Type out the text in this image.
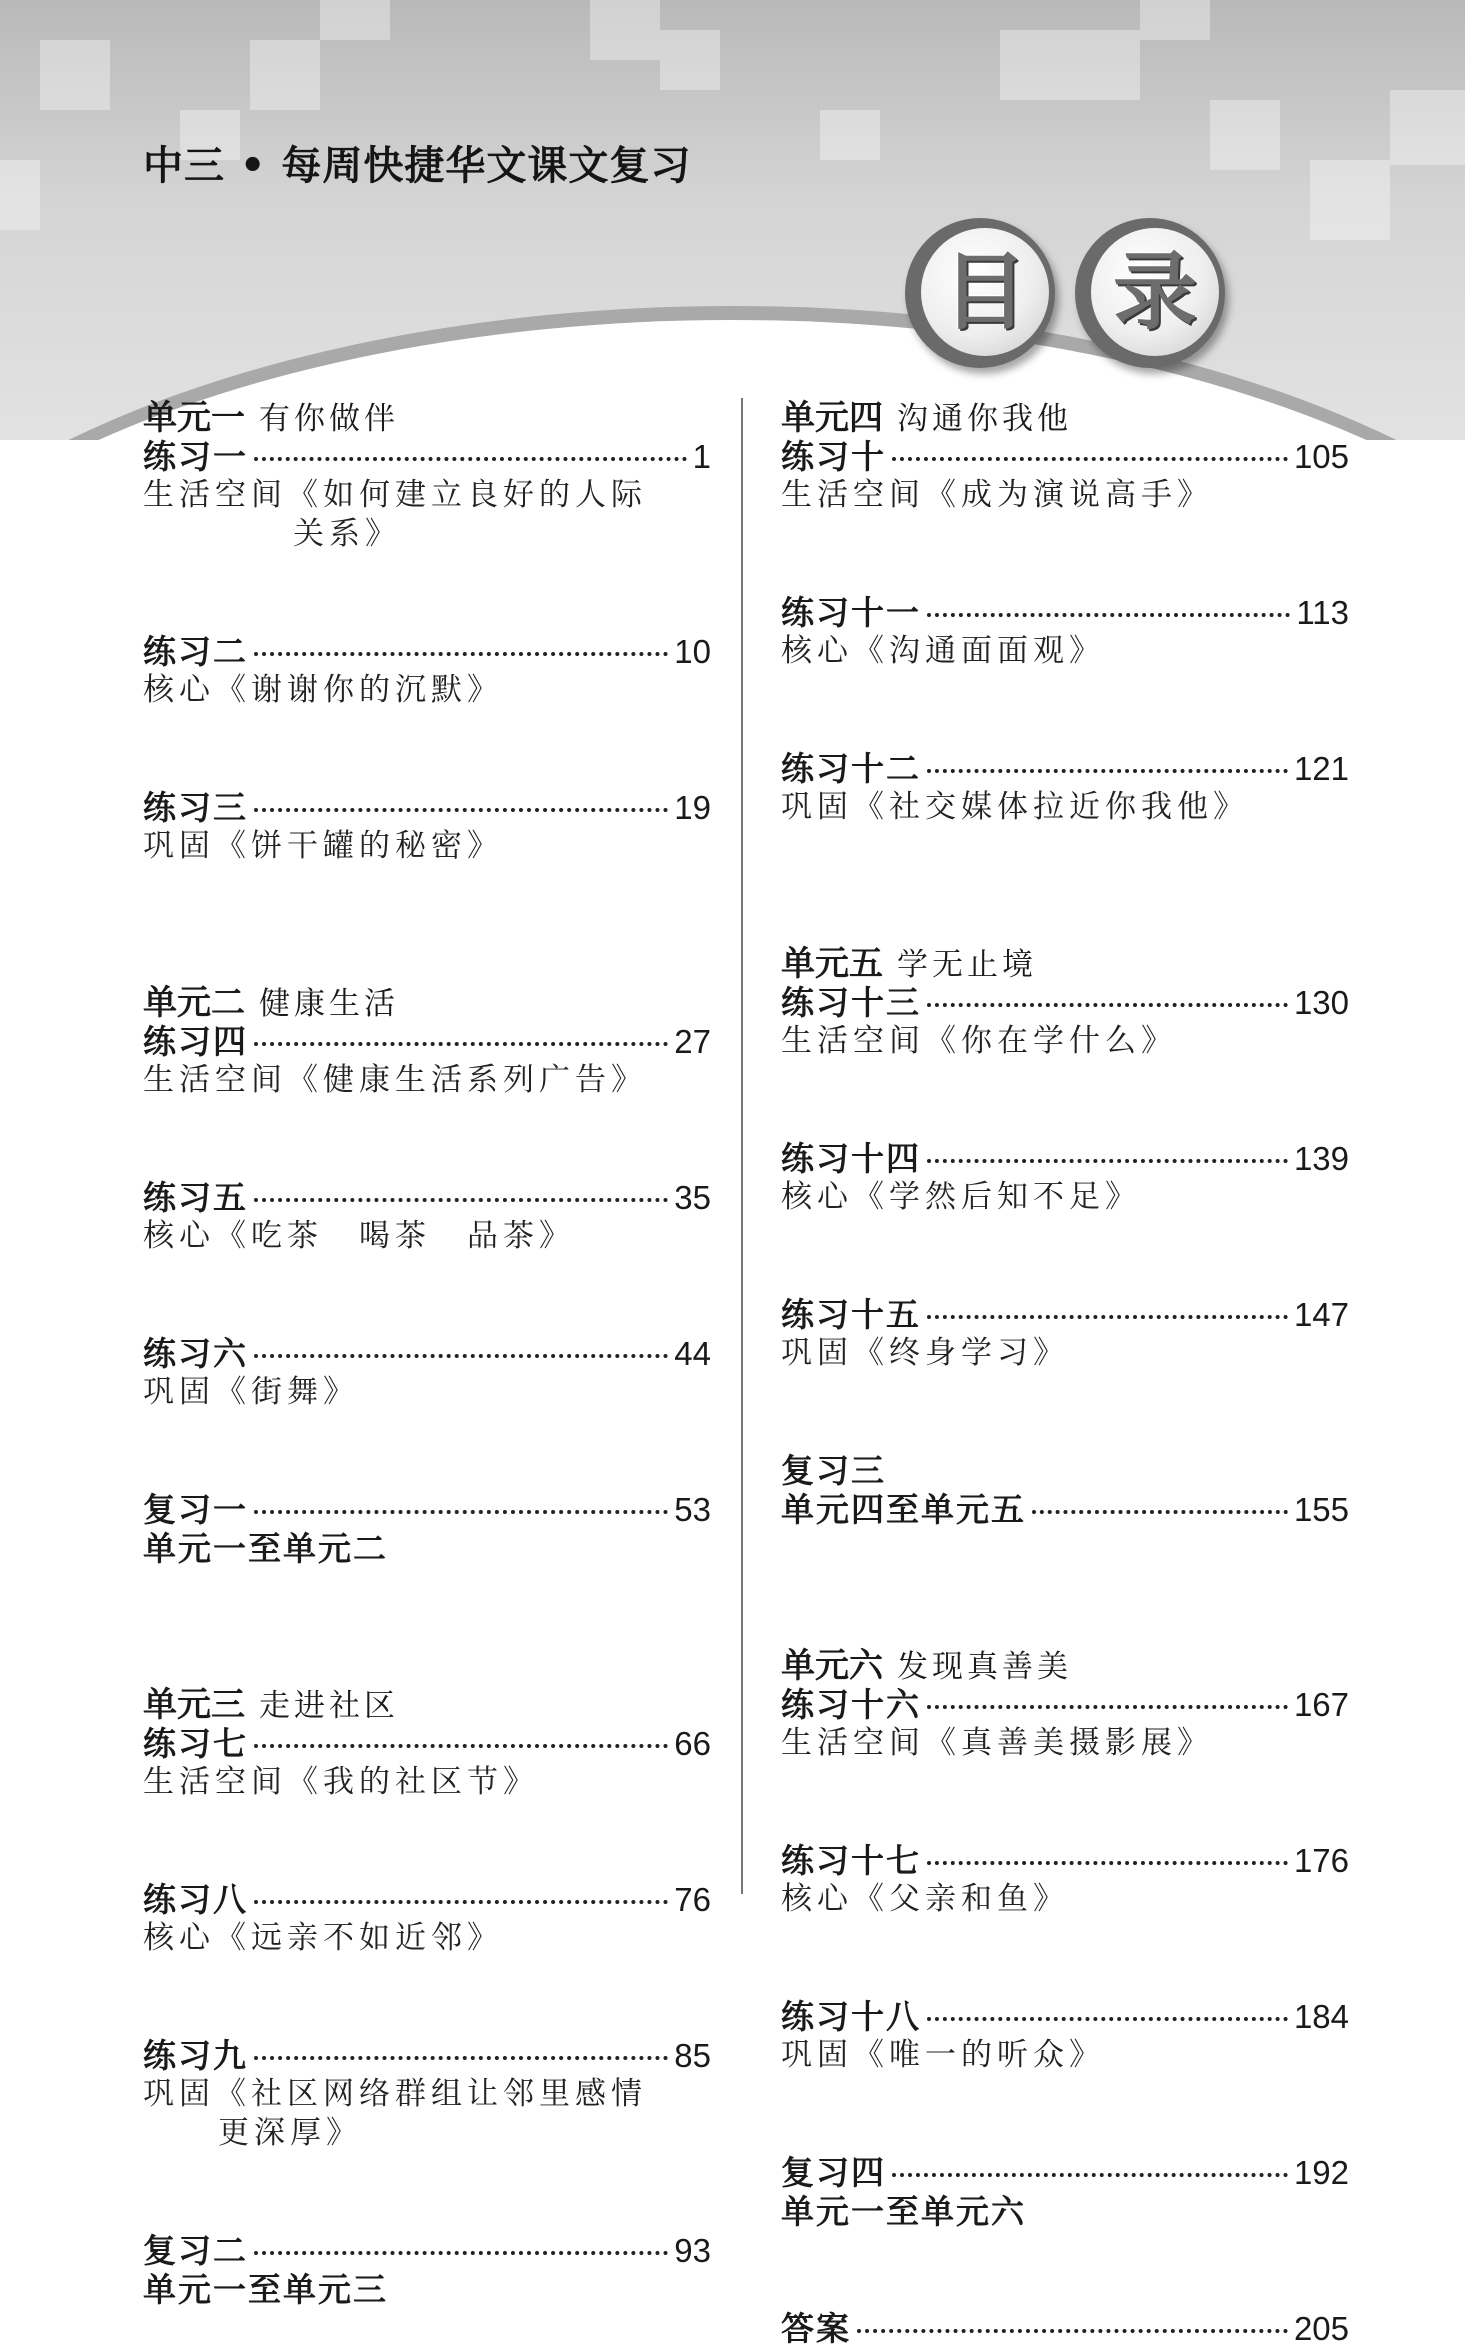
中三 • 每周快捷华文课文复习
目 录
单元一 有你做伴
练习一	1
生活空间《如何建立良好的人际
关系》
练习二	10
核心《谢谢你的沉默》
练习三	19
巩固《饼干罐的秘密》
单元二 健康生活
练习四	27
生活空间《健康生活系列广告》
练习五	35
核心《吃茶　喝茶　品茶》
练习六	44
巩固《街舞》
复习一	53
单元一至单元二
单元三 走进社区
练习七	66
生活空间《我的社区节》
练习八	76
核心《远亲不如近邻》
练习九	85
巩固《社区网络群组让邻里感情
更深厚》
复习二	93
单元一至单元三
单元四 沟通你我他
练习十	105
生活空间《成为演说高手》
练习十一	113
核心《沟通面面观》
练习十二	121
巩固《社交媒体拉近你我他》
单元五 学无止境
练习十三	130
生活空间《你在学什么》
练习十四	139
核心《学然后知不足》
练习十五	147
巩固《终身学习》
复习三
单元四至单元五	155
单元六 发现真善美
练习十六	167
生活空间《真善美摄影展》
练习十七	176
核心《父亲和鱼》
练习十八	184
巩固《唯一的听众》
复习四	192
单元一至单元六
答案	205
